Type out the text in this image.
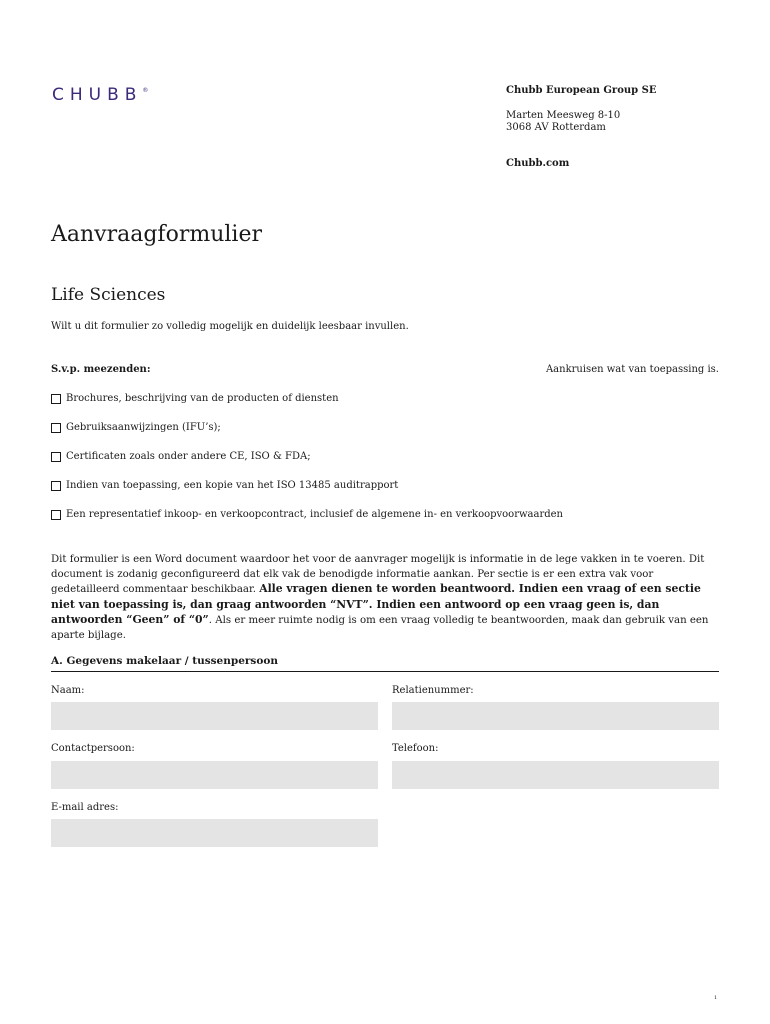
CHUBB®	Chubb European Group SE
Marten Meesweg 8-10
3068 AV Rotterdam
Chubb.com
Aanvraagformulier
Life Sciences
Wilt u dit formulier zo volledig mogelijk en duidelijk leesbaar invullen.
S.v.p. meezenden:	Aankruisen wat van toepassing is.
Brochures, beschrijving van de producten of diensten
Gebruiksaanwijzingen (IFU’s);
Certificaten zoals onder andere CE, ISO & FDA;
Indien van toepassing, een kopie van het ISO 13485 auditrapport
Een representatief inkoop- en verkoopcontract, inclusief de algemene in- en verkoopvoorwaarden
Dit formulier is een Word document waardoor het voor de aanvrager mogelijk is informatie in de lege vakken in te voeren. Dit document is zodanig geconfigureerd dat elk vak de benodigde informatie aankan. Per sectie is er een extra vak voor gedetailleerd commentaar beschikbaar. Alle vragen dienen te worden beantwoord. Indien een vraag of een sectie niet van toepassing is, dan graag antwoorden “NVT”. Indien een antwoord op een vraag geen is, dan antwoorden “Geen” of “0”. Als er meer ruimte nodig is om een vraag volledig te beantwoorden, maak dan gebruik van een aparte bijlage.
A. Gegevens makelaar / tussenpersoon
Naam:	Relatienummer:
Contactpersoon:	Telefoon:
E-mail adres:
1
